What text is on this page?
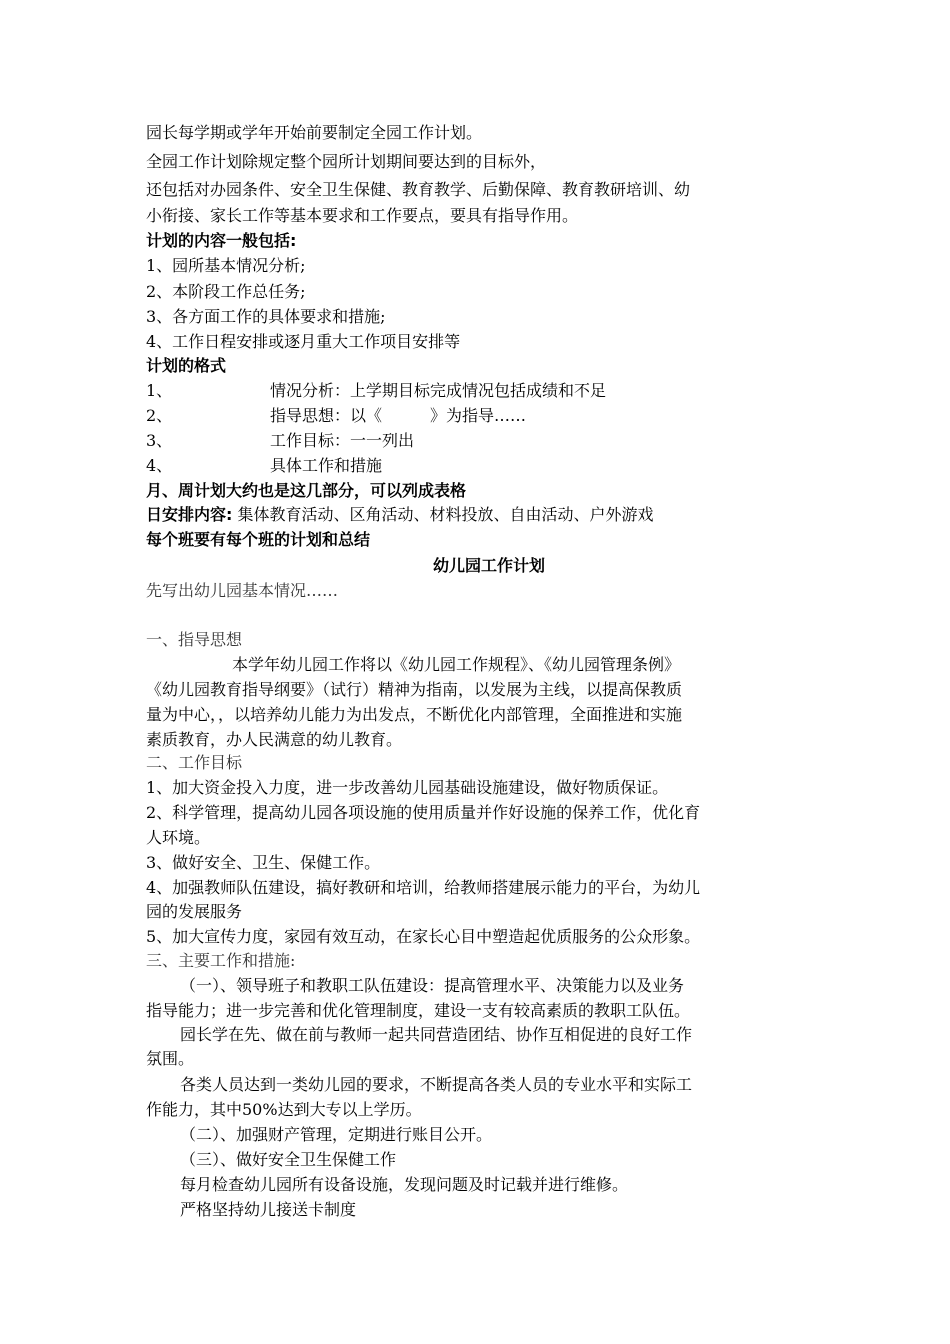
园长每学期或学年开始前要制定全园工作计划。
全园工作计划除规定整个园所计划期间要达到的目标外，
还包括对办园条件、安全卫生保健、教育教学、后勤保障、教育教研培训、幼
小衔接、家长工作等基本要求和工作要点，要具有指导作用。
计划的内容一般包括:
1、园所基本情况分析;
2、本阶段工作总任务;
3、各方面工作的具体要求和措施;
4、工作日程安排或逐月重大工作项目安排等
计划的格式
1、	情况分析：上学期目标完成情况包括成绩和不足
2、	指导思想：以《　　　》为指导……
3、	工作目标：一一列出
4、	具体工作和措施
月、周计划大约也是这几部分，可以列成表格
日安排内容: 集体教育活动、区角活动、材料投放、自由活动、户外游戏
每个班要有每个班的计划和总结
幼儿园工作计划
先写出幼儿园基本情况……
一、指导思想
本学年幼儿园工作将以《幼儿园工作规程》、《幼儿园管理条例》
《幼儿园教育指导纲要》（试行）精神为指南，以发展为主线，以提高保教质
量为中心，，以培养幼儿能力为出发点，不断优化内部管理，全面推进和实施
素质教育，办人民满意的幼儿教育。
二、工作目标
1、加大资金投入力度，进一步改善幼儿园基础设施建设，做好物质保证。
2、科学管理，提高幼儿园各项设施的使用质量并作好设施的保养工作，优化育
人环境。
3、做好安全、卫生、保健工作。
4、加强教师队伍建设，搞好教研和培训，给教师搭建展示能力的平台，为幼儿
园的发展服务
5、加大宣传力度，家园有效互动，在家长心目中塑造起优质服务的公众形象。
三、主要工作和措施:
（一）、领导班子和教职工队伍建设：提高管理水平、决策能力以及业务
指导能力；进一步完善和优化管理制度，建设一支有较高素质的教职工队伍。
园长学在先、做在前与教师一起共同营造团结、协作互相促进的良好工作
氛围。
各类人员达到一类幼儿园的要求，不断提高各类人员的专业水平和实际工
作能力，其中50%达到大专以上学历。
（二）、加强财产管理，定期进行账目公开。
（三）、做好安全卫生保健工作
每月检查幼儿园所有设备设施，发现问题及时记载并进行维修。
严格坚持幼儿接送卡制度
